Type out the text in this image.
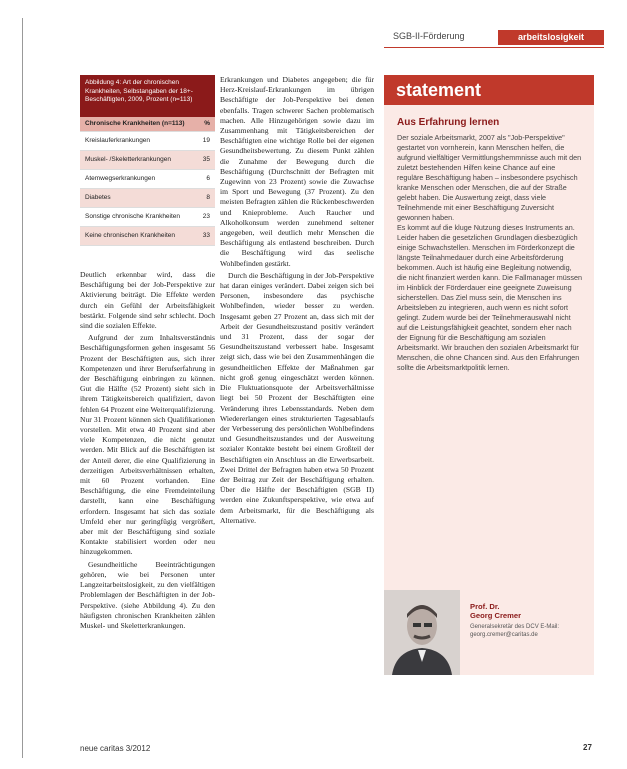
SGB-II-Förderung	arbeitslosigkeit
Abbildung 4: Art der chronischen Krankheiten, Selbstangaben der 18+-Beschäftigten, 2009, Prozent (n=113)
Chronische Krankheiten (n=113)	%
Kreislauferkrankungen	19
Muskel- /Skeletterkrankungen	35
Atemwegserkrankungen	6
Diabetes	8
Sonstige chronische Krankheiten	23
Keine chronischen Krankheiten	33

Deutlich erkennbar wird, dass die Beschäftigung bei der Job-Perspektive zur Aktivierung beiträgt. Die Effekte werden durch ein Gefühl der Arbeitsfähigkeit bestärkt. Folgende sind sehr schlecht. Doch sind die sozialen Effekte.

Aufgrund der zum Inhaltsverständnis Beschäftigungsformen gehen insgesamt 56 Prozent der Beschäftigten aus, sich ihrer Kompetenzen und ihrer Berufserfahrung in der Beschäftigung einbringen zu können. Gut die Hälfte (52 Prozent) sieht sich in ihrem Tätigkeitsbereich qualifiziert, davon fehlen 64 Prozent eine Weiterqualifizierung. Nur 31 Prozent können sich Qualifikationen vorstellen. Mit etwa 40 Prozent sind aber viele Kompetenzen, die nicht genutzt werden. Mit Blick auf die Beschäftigten ist der Anteil derer, die eine Qualifizierung in derzeitigen Arbeitsverhältnissen erhalten, mit 60 Prozent vorhanden. Eine Beschäftigung, die eine Fremdeinteilung darstellt, kann eine Beschäftigung erfordern. Insgesamt hat sich das soziale Umfeld eher nur geringfügig vergrößert, aber mit der Beschäftigung sind soziale Kontakte stabilisiert worden oder neu hinzugekommen.

Gesundheitliche Beeinträchtigungen gehören, wie bei Personen unter Langzeitarbeitslosigkeit, zu den vielfältigen Problemlagen der Beschäftigten in der Job-Perspektive. (siehe Abbildung 4). Zu den häufigsten chronischen Krankheiten zählen Muskel- und Skeletterkrankungen.

Erkrankungen und Diabetes angegeben; die für Herz-Kreislauf-Erkrankungen im übrigen Beschäftigte der Job-Perspektive bei denen ebenfalls. Tragen schwerer Sachen problematisch machen. Alle Hinzugehörigen sowie dazu im Zusammenhang mit Tätigkeitsbereichen der Beschäftigten eine wichtige Rolle bei der eigenen Gesundheitsbewertung. Zu diesem Punkt zählen die Zunahme der Bewegung durch die Beschäftigung (Durchschnitt der Befragten mit Zugewinn von 23 Prozent) sowie die Zuwachse im Sport und Bewegung (37 Prozent). Zu den meisten Befragten zählen die Rückenbeschwerden und Knieprobleme. Auch Raucher und Alkoholkonsum werden zunehmend seltener angegeben, weil deutlich mehr Menschen die Beschäftigung als entlastend beschreiben. Durch die Beschäftigung wird das seelische Wohlbefinden gestärkt.

Durch die Beschäftigung in der Job-Perspektive hat daran einiges verändert. Dabei zeigen sich bei Personen, insbesondere das psychische Wohlbefinden, wieder besser zu werden. Insgesamt geben 27 Prozent an, dass sich mit der Arbeit der Gesundheitszustand positiv verändert und 31 Prozent, dass der sogar der Gesundheitszustand verbessert habe. Insgesamt zeigt sich, dass wie bei den Zusammenhängen die gesundheitlichen Effekte der Maßnahmen gar nicht groß genug eingeschätzt werden können. Die Fluktuationsquote der Arbeitsverhältnisse liegt bei 50 Prozent der Beschäftigten eine Veränderung ihres Lebensstandards. Neben dem Wiedererlangen eines strukturierten Tagesablaufs der Verbesserung des persönlichen Wohlbefindens und Gesundheitszustandes und der Ausweitung sozialer Kontakte besteht bei einem Großteil der Beschäftigten ein Anschluss an die Erwerbsarbeit. Zwei Drittel der Befragten haben etwa 50 Prozent der Beitrag zur Zeit der Beschäftigung erhalten. Über die Hälfte der Beschäftigten (SGB II) werden eine Zukunftsperspektive, wie etwa auf dem Arbeitsmarkt, für die Beschäftigung als Alternative.

statement
Aus Erfahrung lernen

Der soziale Arbeitsmarkt, 2007 als "Job-Perspektive" gestartet von vornherein, kann Menschen helfen, die aufgrund vielfältiger Vermittlungshemmnisse auch mit den zuletzt bestehenden Hilfen keine Chance auf eine reguläre Beschäftigung haben – insbesondere psychisch kranke Menschen oder Menschen, die auf der Straße gelebt haben. Die Auswertung zeigt, dass viele Teilnehmende mit einer Beschäftigung Zuversicht gewonnen haben.

Es kommt auf die kluge Nutzung dieses Instruments an. Leider haben die gesetzlichen Grundlagen diesbezüglich einige Schwachstellen. Menschen im Förderkonzept die längste Teilnahmedauer durch eine Arbeitsförderung bekommen. Auch ist häufig eine Begleitung notwendig, die nicht finanziert werden kann. Die Fallmanager müssen im Hinblick der Förderdauer eine geeignete Zuweisung sicherstellen. Das Ziel muss sein, die Menschen ins Arbeitsleben zu integrieren, auch wenn es nicht sofort gelingt. Zudem wurde bei der Teilnehmerauswahl nicht auf die Leistungsfähigkeit geachtet, sondern eher nach der Eignung für die Beschäftigung am sozialen Arbeitsmarkt. Wir brauchen den sozialen Arbeitsmarkt für Menschen, die ohne Chancen sind. Aus den Erfahrungen sollte die Arbeitsmarktpolitik lernen.

Prof. Dr.
Georg Cremer
Generalsekretär des DCV E-Mail: georg.cremer@caritas.de
neue caritas 3/2012	27
